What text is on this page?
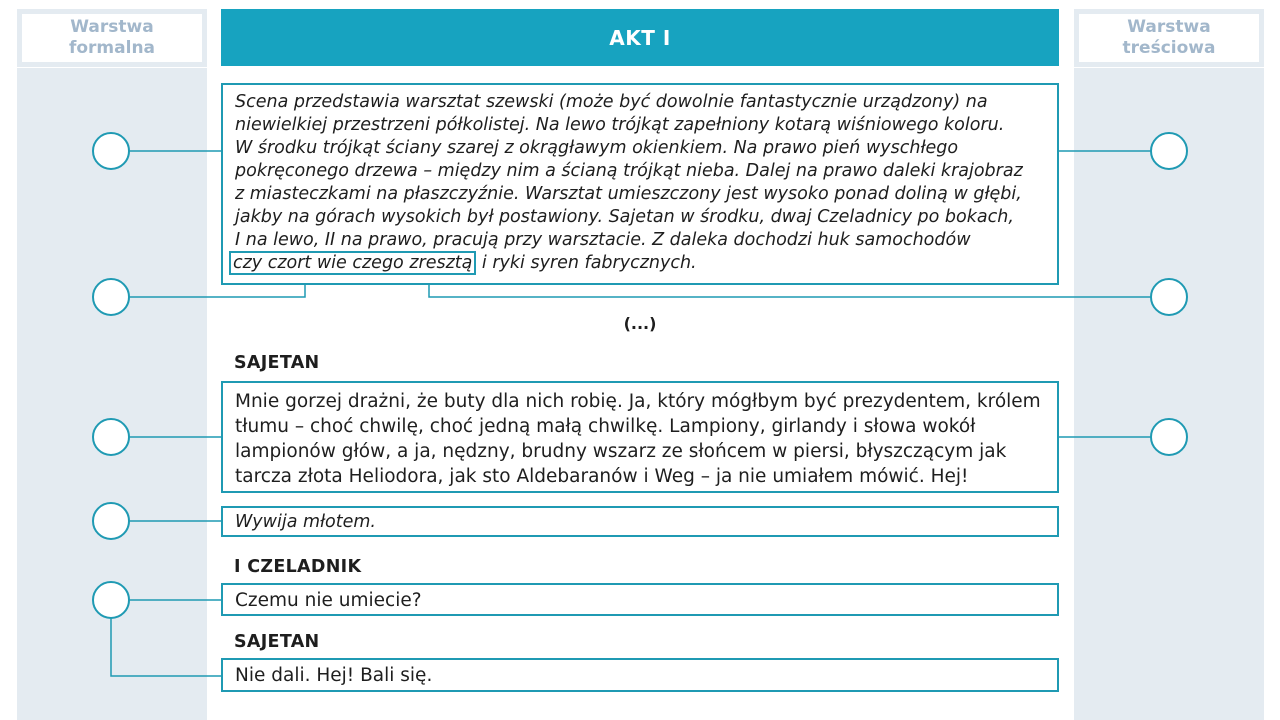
Warstwa
formalna
Warstwa
treściowa
AKT I
Scena przedstawia warsztat szewski (może być dowolnie fantastycznie urządzony) na
niewielkiej przestrzeni półkolistej. Na lewo trójkąt zapełniony kotarą wiśniowego koloru.
W środku trójkąt ściany szarej z okrągławym okienkiem. Na prawo pień wyschłego
pokręconego drzewa – między nim a ścianą trójkąt nieba. Dalej na prawo daleki krajobraz
z miasteczkami na płaszczyźnie. Warsztat umieszczony jest wysoko ponad doliną w głębi,
jakby na górach wysokich był postawiony. Sajetan w środku, dwaj Czeladnicy po bokach,
I na lewo, II na prawo, pracują przy warsztacie. Z daleka dochodzi huk samochodów
czy czort wie czego zresztą i ryki syren fabrycznych.
(...)
SAJETAN
Mnie gorzej drażni, że buty dla nich robię. Ja, który mógłbym być prezydentem, królem
tłumu – choć chwilę, choć jedną małą chwilkę. Lampiony, girlandy i słowa wokół
lampionów głów, a ja, nędzny, brudny wszarz ze słońcem w piersi, błyszczącym jak
tarcza złota Heliodora, jak sto Aldebaranów i Weg – ja nie umiałem mówić. Hej!
Wywija młotem.
I CZELADNIK
Czemu nie umiecie?
SAJETAN
Nie dali. Hej! Bali się.
